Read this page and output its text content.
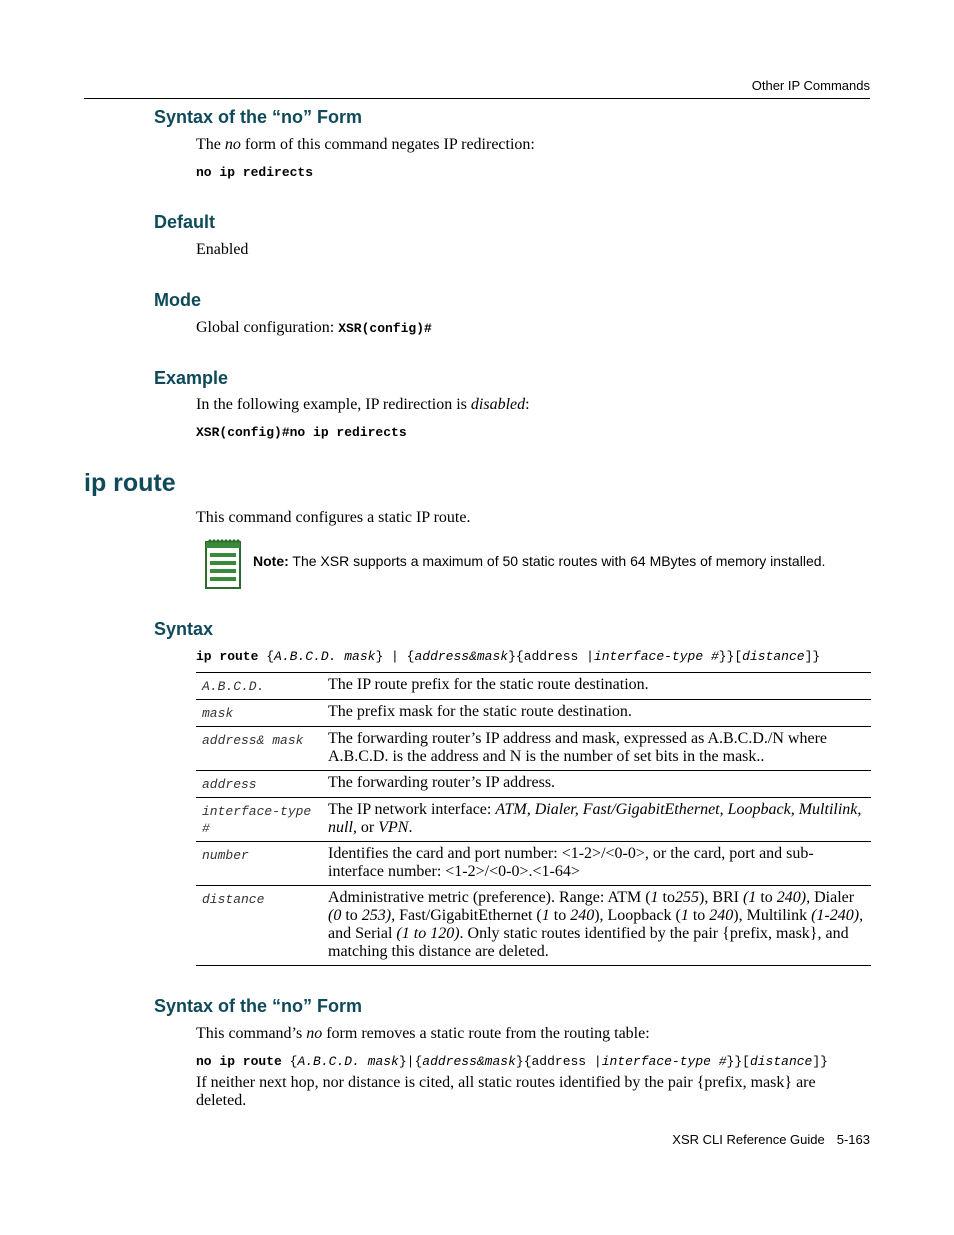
Other IP Commands
Syntax of the “no” Form
The no form of this command negates IP redirection:
no ip redirects
Default
Enabled
Mode
Global configuration: XSR(config)#
Example
In the following example, IP redirection is disabled:
XSR(config)#no ip redirects
ip route
This command configures a static IP route.
Note: The XSR supports a maximum of 50 static routes with 64 MBytes of memory installed.
Syntax
ip route {A.B.C.D. mask} | {address&mask}{address |interface-type #}}[distance]}
A.B.C.D.	The IP route prefix for the static route destination.
mask	The prefix mask for the static route destination.
address& mask	The forwarding router’s IP address and mask, expressed as A.B.C.D./N where A.B.C.D. is the address and N is the number of set bits in the mask..
address	The forwarding router’s IP address.
interface-type #	The IP network interface: ATM, Dialer, Fast/GigabitEthernet, Loopback, Multilink, null, or VPN.
number	Identifies the card and port number: <1-2>/<0-0>, or the card, port and sub-interface number: <1-2>/<0-0>.<1-64>
distance	Administrative metric (preference). Range: ATM (1 to255), BRI (1 to 240), Dialer (0 to 253), Fast/GigabitEthernet (1 to 240), Loopback (1 to 240), Multilink (1-240), and Serial (1 to 120). Only static routes identified by the pair {prefix, mask}, and matching this distance are deleted.
Syntax of the “no” Form
This command’s no form removes a static route from the routing table:
no ip route {A.B.C.D. mask}|{address&mask}{address |interface-type #}}[distance]}
If neither next hop, nor distance is cited, all static routes identified by the pair {prefix, mask} are deleted.
XSR CLI Reference Guide 5-163
